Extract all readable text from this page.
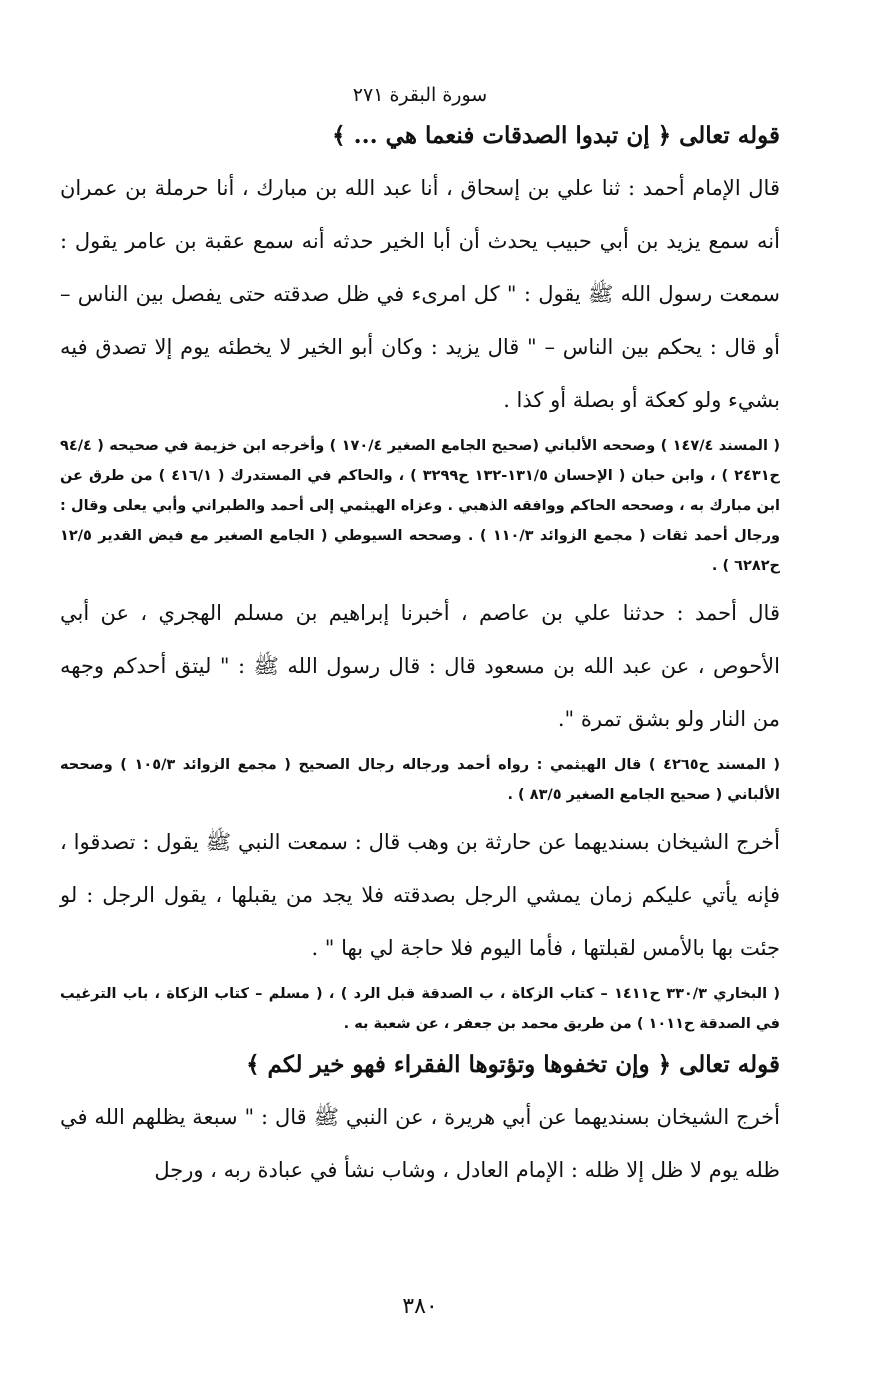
سورة البقرة ٢٧١
قوله تعالى ﴿ إن تبدوا الصدقات فنعما هي ... ﴾

قال الإمام أحمد : ثنا علي بن إسحاق ، أنا عبد الله بن مبارك ، أنا حرملة بن عمران أنه سمع يزيد بن أبي حبيب يحدث أن أبا الخير حدثه أنه سمع عقبة بن عامر يقول : سمعت رسول الله ﷺ يقول : " كل امرىء في ظل صدقته حتى يفصل بين الناس – أو قال : يحكم بين الناس – " قال يزيد : وكان أبو الخير لا يخطئه يوم إلا تصدق فيه بشيء ولو كعكة أو بصلة أو كذا .

( المسند ١٤٧/٤ ) وصححه الألباني (صحيح الجامع الصغير ١٧٠/٤ ) وأخرجه ابن خزيمة في صحيحه ( ٩٤/٤ ح٢٤٣١ ) ، وابن حبان ( الإحسان ١٣١/٥-١٣٢ ح٣٢٩٩ ) ، والحاكم في المستدرك ( ٤١٦/١ ) من طرق عن ابن مبارك به ، وصححه الحاكم ووافقه الذهبي . وعزاه الهيثمي إلى أحمد والطبراني وأبي يعلى وقال : ورجال أحمد ثقات ( مجمع الزوائد ١١٠/٣ ) . وصححه السيوطي ( الجامع الصغير مع فيض القدير ١٢/٥ ح٦٢٨٢ ) .

قال أحمد : حدثنا علي بن عاصم ، أخبرنا إبراهيم بن مسلم الهجري ، عن أبي الأحوص ، عن عبد الله بن مسعود قال : قال رسول الله ﷺ : " ليتق أحدكم وجهه من النار ولو بشق تمرة ".

( المسند ح٤٢٦٥ ) قال الهيثمي : رواه أحمد ورجاله رجال الصحيح ( مجمع الزوائد ١٠٥/٣ ) وصححه الألباني ( صحيح الجامع الصغير ٨٣/٥ ) .

أخرج الشيخان بسنديهما عن حارثة بن وهب قال : سمعت النبي ﷺ يقول : تصدقوا ، فإنه يأتي عليكم زمان يمشي الرجل بصدقته فلا يجد من يقبلها ، يقول الرجل : لو جئت بها بالأمس لقبلتها ، فأما اليوم فلا حاجة لي بها " .

( البخاري ٣٣٠/٣ ح١٤١١ – كتاب الزكاة ، ب الصدقة قبل الرد ) ، ( مسلم – كتاب الزكاة ، باب الترغيب في الصدقة ح١٠١١ ) من طريق محمد بن جعفر ، عن شعبة به .

قوله تعالى ﴿ وإن تخفوها وتؤتوها الفقراء فهو خير لكم ﴾

أخرج الشيخان بسنديهما عن أبي هريرة ، عن النبي ﷺ قال : " سبعة يظلهم الله في ظله يوم لا ظل إلا ظله : الإمام العادل ، وشاب نشأ في عبادة ربه ، ورجل

٣٨٠
